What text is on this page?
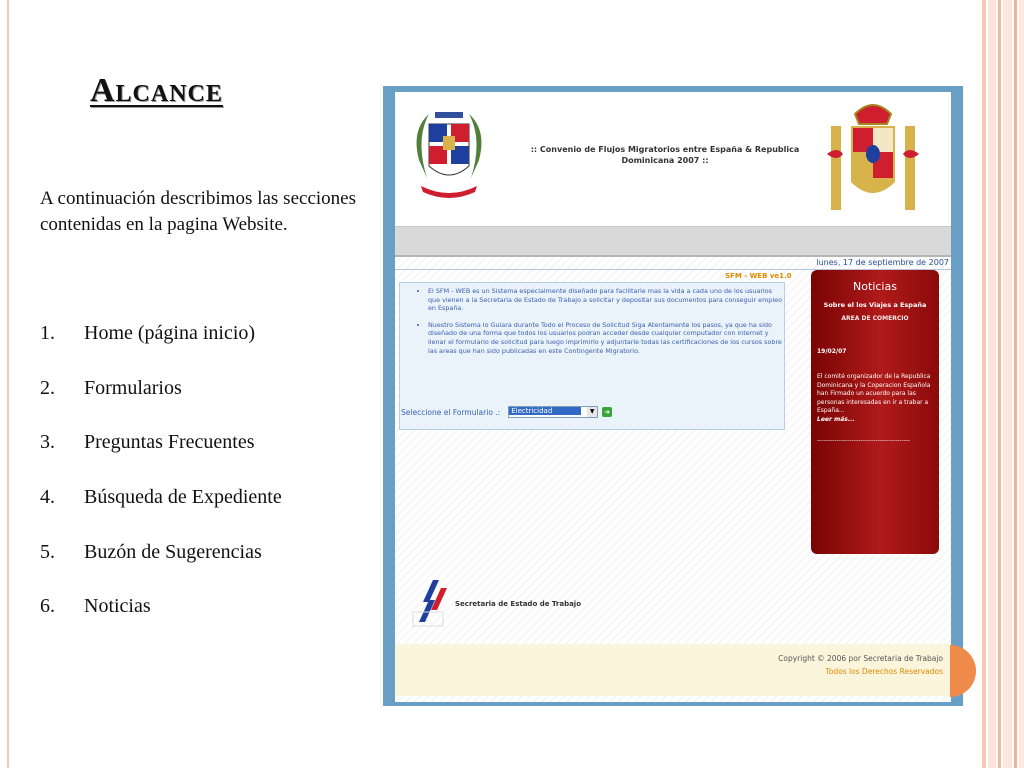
Alcance

A continuación describimos las secciones contenidas en la pagina Website.

1.	Home (página inicio)
2.	Formularios
3.	Preguntas Frecuentes
4.	Búsqueda de Expediente
5.	Buzón de Sugerencias
6.	Noticias
:: Convenio de Flujos Migratorios entre España & Republica
Dominicana 2007 ::
lunes, 17 de septiembre de 2007
SFM - WEB ve1.0
• El SFM - WEB es un Sistema especialmente diseñado para facilitarle mas la vida a cada uno de los usuarios que vienen a la Secretaria de Estado de Trabajo a solicitar y depositar sus documentos para conseguir empleo en España.
• Nuestro Sistema lo Guiara durante Todo el Proceso de Solicitud Siga Atentamente los pasos, ya que ha sido diseñado de una forma que todos los usuarios podran acceder desde cualquier computador con internet y llenar el formulario de solicitud para luego imprimirlo y adjuntarle todas las certificaciones de los cursos sobre las areas que han sido publicadas en este Contingente Migratorio.
Seleccione el Formulario .:	Electricidad	▼	➜
Noticias
Sobre el los Viajes a España
AREA DE COMERCIO
19/02/07
El comité organizador de la Republica Dominicana y la Coperacion Española han Firmado un acuerdo para las personas interesadas en ir a trabar a España...
Leer más...
-------------------------------------------
Secretaria de Estado de Trabajo
Copyright © 2006 por Secretaria de Trabajo
Todos los Derechos Reservados
